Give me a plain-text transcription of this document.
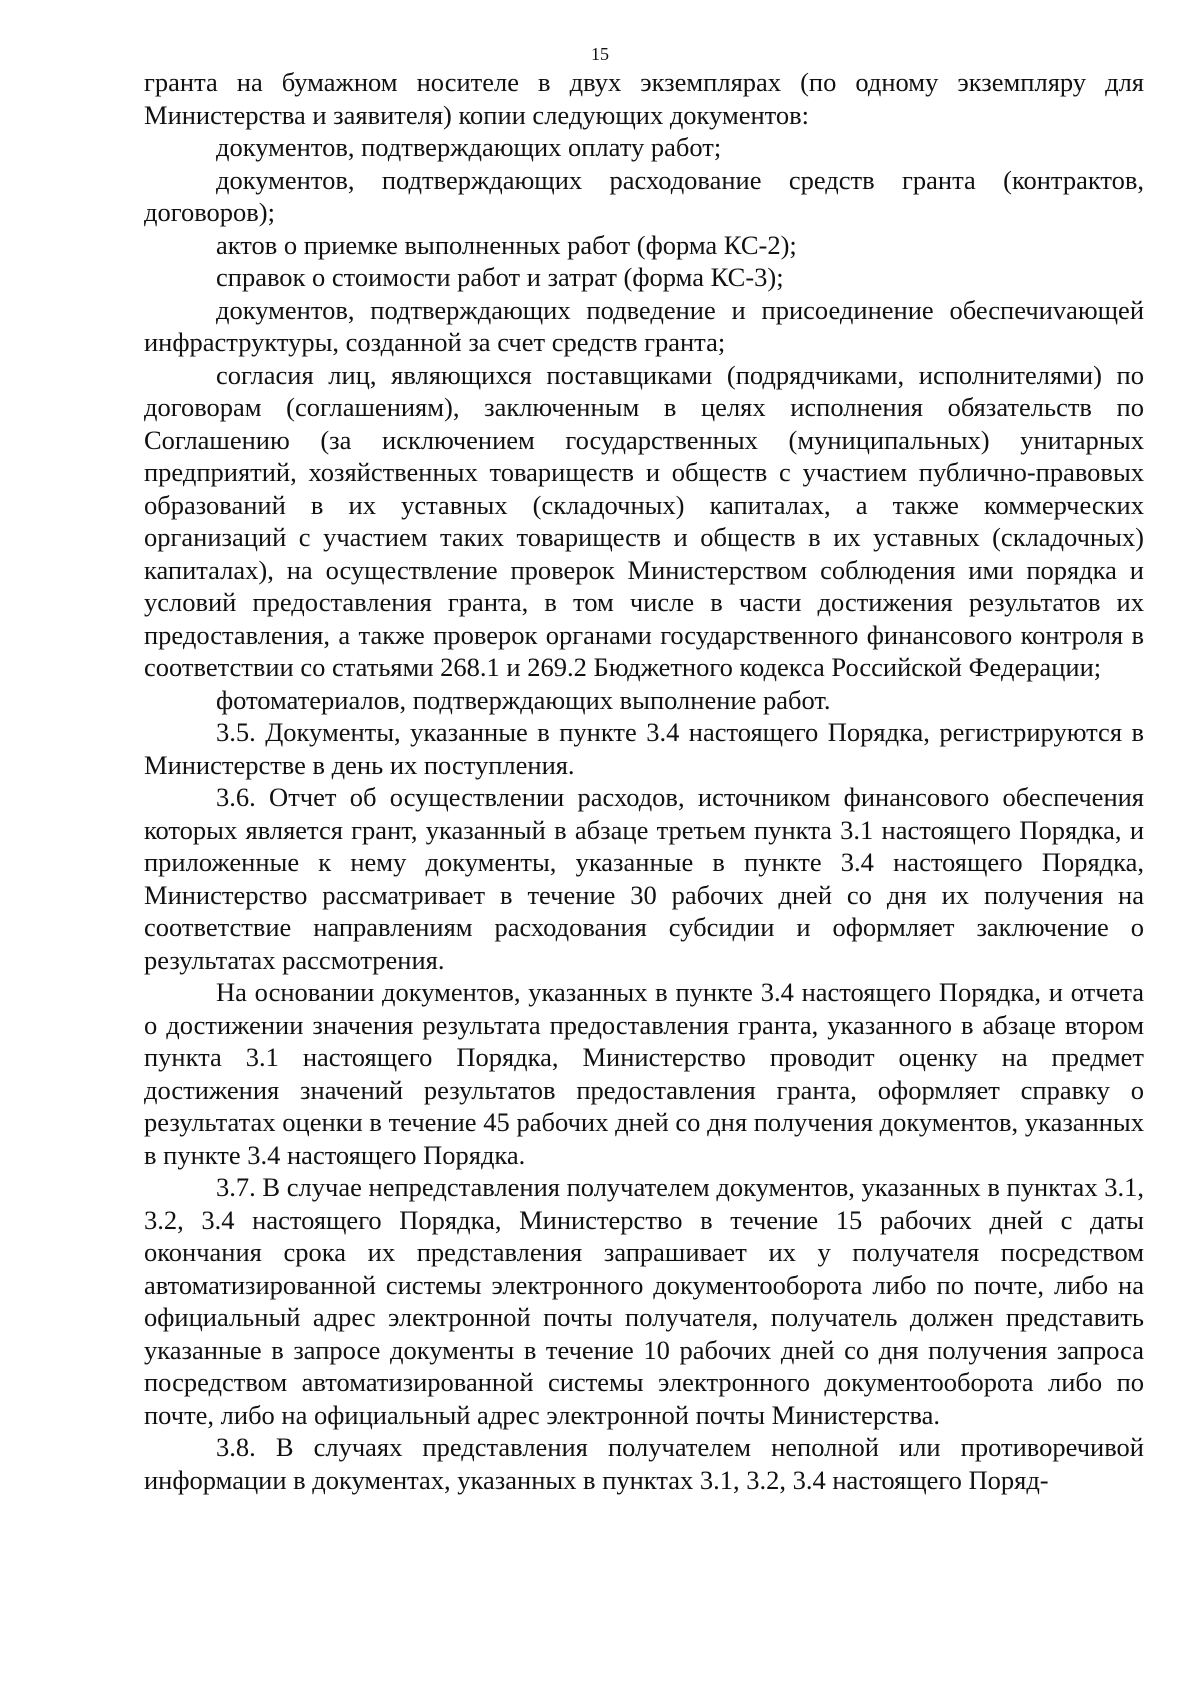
15

гранта на бумажном носителе в двух экземплярах (по одному экземпляру для Министерства и заявителя) копии следующих документов:

документов, подтверждающих оплату работ;

документов, подтверждающих расходование средств гранта (контрактов, договоров);

актов о приемке выполненных работ (форма КС-2);

справок о стоимости работ и затрат (форма КС-3);

документов, подтверждающих подведение и присоединение обеспечиvающей инфраструктуры, созданной за счет средств гранта;

согласия лиц, являющихся поставщиками (подрядчиками, исполнителями) по договорам (соглашениям), заключенным в целях исполнения обязательств по Соглашению (за исключением государственных (муниципальных) унитарных предприятий, хозяйственных товариществ и обществ с участием публично-правовых образований в их уставных (складочных) капиталах, а также коммерческих организаций с участием таких товариществ и обществ в их уставных (складочных) капиталах), на осуществление проверок Министерством соблюдения ими порядка и условий предоставления гранта, в том числе в части достижения результатов их предоставления, а также проверок органами государственного финансового контроля в соответствии со статьями 268.1 и 269.2 Бюджетного кодекса Российской Федерации;

фотоматериалов, подтверждающих выполнение работ.

3.5. Документы, указанные в пункте 3.4 настоящего Порядка, регистрируются в Министерстве в день их поступления.

3.6. Отчет об осуществлении расходов, источником финансового обеспечения которых является грант, указанный в абзаце третьем пункта 3.1 настоящего Порядка, и приложенные к нему документы, указанные в пункте 3.4 настоящего Порядка, Министерство рассматривает в течение 30 рабочих дней со дня их получения на соответствие направлениям расходования субсидии и оформляет заключение о результатах рассмотрения.

На основании документов, указанных в пункте 3.4 настоящего Порядка, и отчета о достижении значения результата предоставления гранта, указанного в абзаце втором пункта 3.1 настоящего Порядка, Министерство проводит оценку на предмет достижения значений результатов предоставления гранта, оформляет справку о результатах оценки в течение 45 рабочих дней со дня получения документов, указанных в пункте 3.4 настоящего Порядка.

3.7. В случае непредставления получателем документов, указанных в пунктах 3.1, 3.2, 3.4 настоящего Порядка, Министерство в течение 15 рабочих дней с даты окончания срока их представления запрашивает их у получателя посредством автоматизированной системы электронного документооборота либо по почте, либо на официальный адрес электронной почты получателя, получатель должен представить указанные в запросе документы в течение 10 рабочих дней со дня получения запроса посредством автоматизированной системы электронного документооборота либо по почте, либо на официальный адрес электронной почты Министерства.

3.8. В случаях представления получателем неполной или противоречивой информации в документах, указанных в пунктах 3.1, 3.2, 3.4 настоящего Поряд-
